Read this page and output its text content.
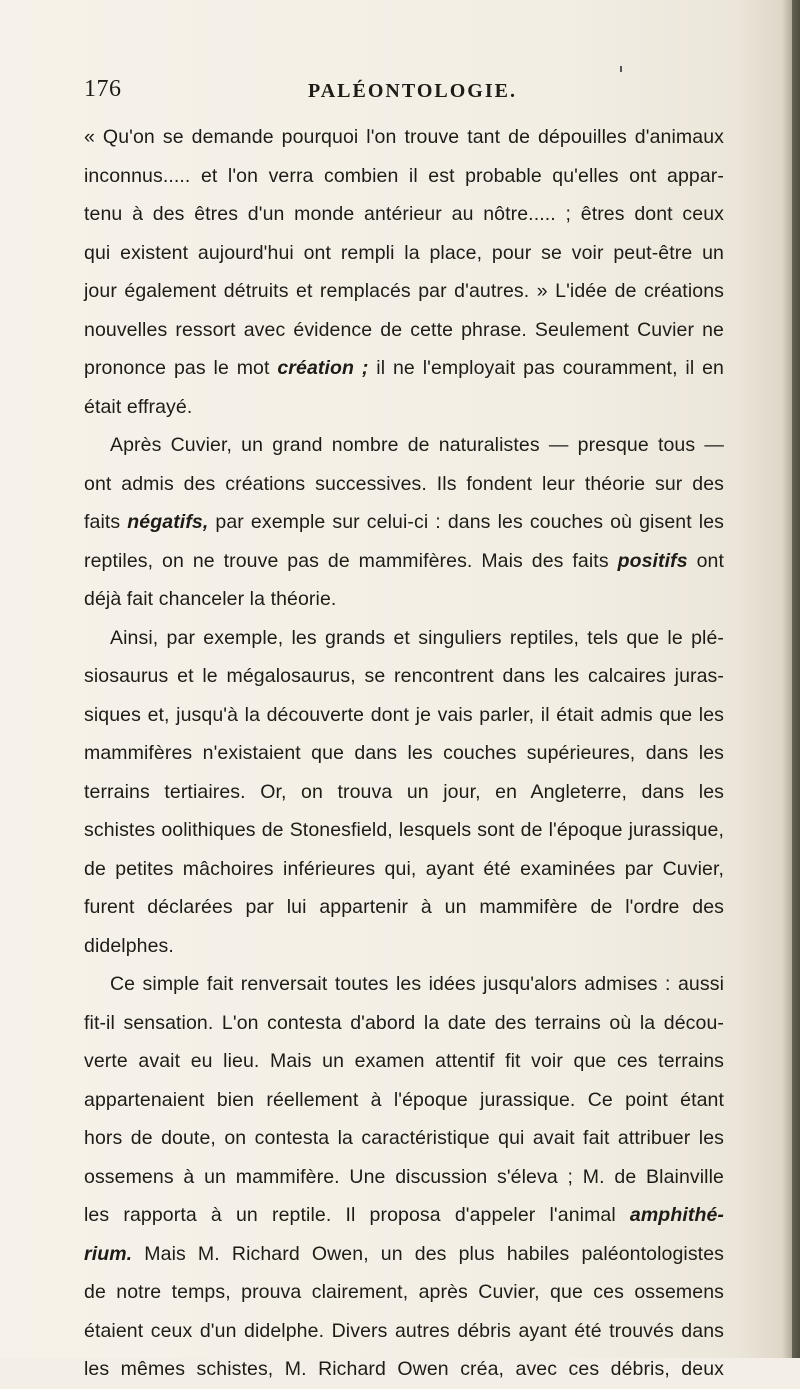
176	PALÉONTOLOGIE.
« Qu'on se demande pourquoi l'on trouve tant de dépouilles d'animaux
inconnus..... et l'on verra combien il est probable qu'elles ont appar-
tenu à des êtres d'un monde antérieur au nôtre..... ; êtres dont ceux
qui existent aujourd'hui ont rempli la place, pour se voir peut-être un
jour également détruits et remplacés par d'autres. » L'idée de créations
nouvelles ressort avec évidence de cette phrase. Seulement Cuvier ne
prononce pas le mot création ; il ne l'employait pas couramment, il en
était effrayé.
Après Cuvier, un grand nombre de naturalistes — presque tous —
ont admis des créations successives. Ils fondent leur théorie sur des
faits négatifs, par exemple sur celui-ci : dans les couches où gisent les
reptiles, on ne trouve pas de mammifères. Mais des faits positifs ont
déjà fait chanceler la théorie.
Ainsi, par exemple, les grands et singuliers reptiles, tels que le plé-
siosaurus et le mégalosaurus, se rencontrent dans les calcaires juras-
siques et, jusqu'à la découverte dont je vais parler, il était admis que les
mammifères n'existaient que dans les couches supérieures, dans les
terrains tertiaires. Or, on trouva un jour, en Angleterre, dans les
schistes oolithiques de Stonesfield, lesquels sont de l'époque jurassique,
de petites mâchoires inférieures qui, ayant été examinées par Cuvier,
furent déclarées par lui appartenir à un mammifère de l'ordre des
didelphes.
Ce simple fait renversait toutes les idées jusqu'alors admises : aussi
fit-il sensation. L'on contesta d'abord la date des terrains où la décou-
verte avait eu lieu. Mais un examen attentif fit voir que ces terrains
appartenaient bien réellement à l'époque jurassique. Ce point étant
hors de doute, on contesta la caractéristique qui avait fait attribuer les
ossemens à un mammifère. Une discussion s'éleva ; M. de Blainville
les rapporta à un reptile. Il proposa d'appeler l'animal amphithé-
rium. Mais M. Richard Owen, un des plus habiles paléontologistes
de notre temps, prouva clairement, après Cuvier, que ces ossemens
étaient ceux d'un didelphe. Divers autres débris ayant été trouvés dans
les mêmes schistes, M. Richard Owen créa, avec ces débris, deux
